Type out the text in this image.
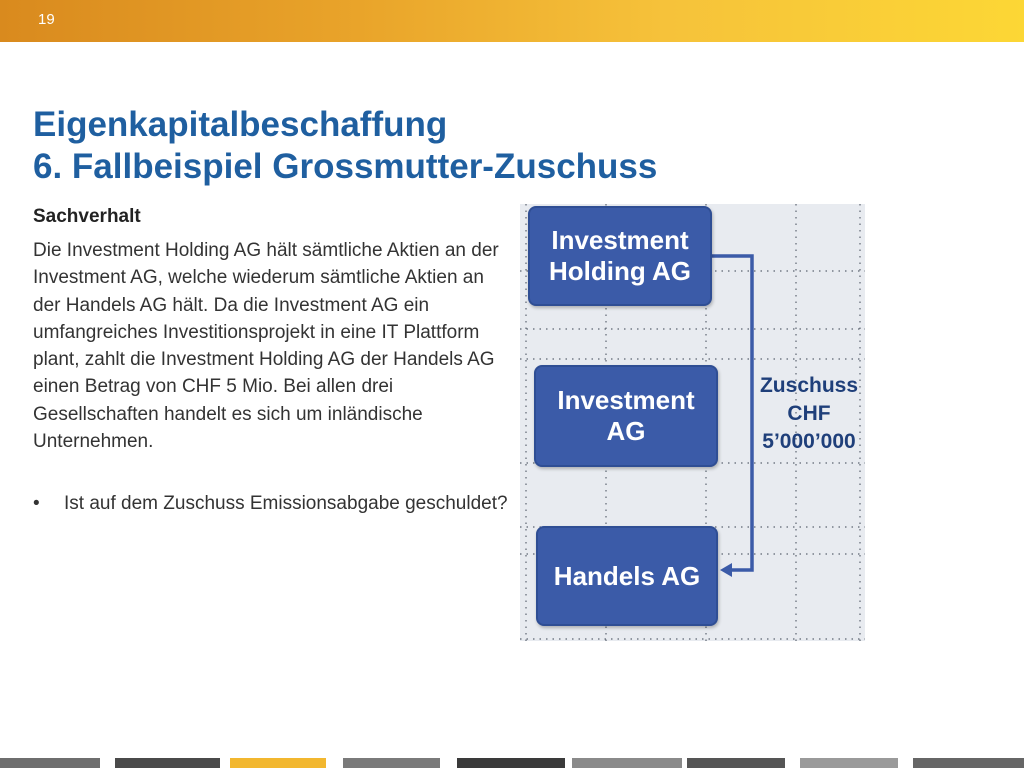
19
Eigenkapitalbeschaffung
6. Fallbeispiel Grossmutter-Zuschuss
Sachverhalt

Die Investment Holding AG hält sämtliche Aktien an der Investment AG, welche wiederum sämtliche Aktien an der Handels AG hält. Da die Investment AG ein umfangreiches Investitionsprojekt in eine IT Plattform plant, zahlt die Investment Holding AG der Handels AG einen Betrag von CHF 5 Mio. Bei allen drei Gesellschaften handelt es sich um inländische Unternehmen.

• Ist auf dem Zuschuss Emissionsabgabe geschuldet?
Investment
Holding AG
Investment
AG
Handels AG
Zuschuss
CHF
5’000’000
